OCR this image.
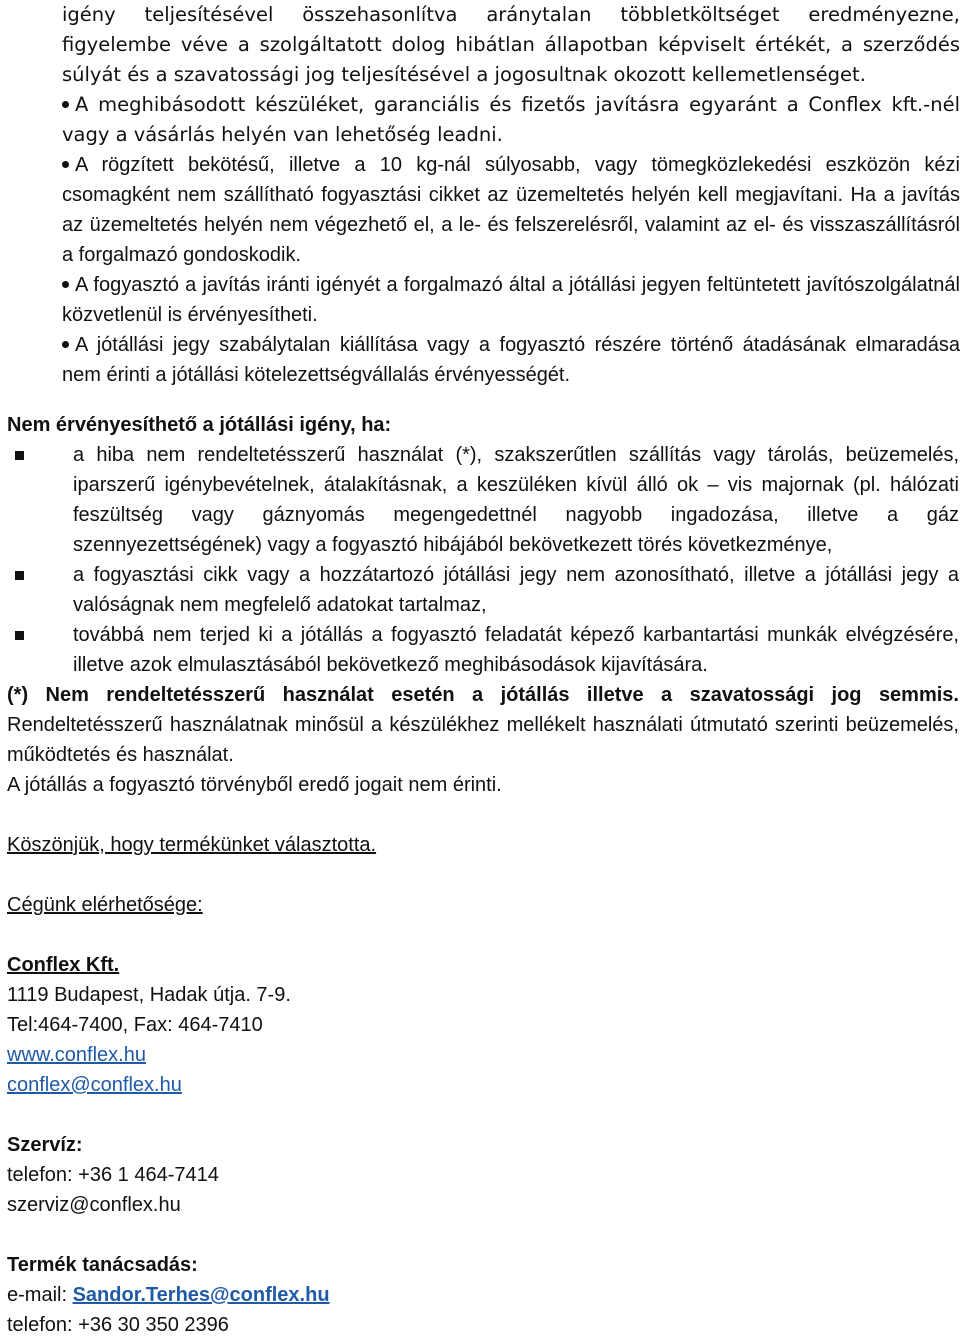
igény teljesítésével összehasonlítva aránytalan többletköltséget eredményezne, figyelembe véve a szolgáltatott dolog hibátlan állapotban képviselt értékét, a szerződés súlyát és a szavatossági jog teljesítésével a jogosultnak okozott kellemetlenséget.

A meghibásodott készüléket, garanciális és fizetős javításra egyaránt a Conflex kft.-nél vagy a vásárlás helyén van lehetőség leadni.

A rögzített bekötésű, illetve a 10 kg-nál súlyosabb, vagy tömegközlekedési eszközön kézi csomagként nem szállítható fogyasztási cikket az üzemeltetés helyén kell megjavítani. Ha a javítás az üzemeltetés helyén nem végezhető el, a le- és felszerelésről, valamint az el- és visszaszállításról a forgalmazó gondoskodik.

A fogyasztó a javítás iránti igényét a forgalmazó által a jótállási jegyen feltüntetett javítószolgálatnál közvetlenül is érvényesítheti.

A jótállási jegy szabálytalan kiállítása vagy a fogyasztó részére történő átadásának elmaradása nem érinti a jótállási kötelezettségvállalás érvényességét.

Nem érvényesíthető a jótállási igény, ha:
a hiba nem rendeltetésszerű használat (*), szakszerűtlen szállítás vagy tárolás, beüzemelés, iparszerű igénybevételnek, átalakításnak, a keszüléken kívül álló ok – vis majornak (pl. hálózati feszültség vagy gáznyomás megengedettnél nagyobb ingadozása, illetve a gáz szennyezettségének) vagy a fogyasztó hibájából bekövetkezett törés következménye,
a fogyasztási cikk vagy a hozzátartozó jótállási jegy nem azonosítható, illetve a jótállási jegy a valóságnak nem megfelelő adatokat tartalmaz,
továbbá nem terjed ki a jótállás a fogyasztó feladatát képező karbantartási munkák elvégzésére, illetve azok elmulasztásából bekövetkező meghibásodások kijavítására.

(*) Nem rendeltetésszerű használat esetén a jótállás illetve a szavatossági jog semmis. Rendeltetésszerű használatnak minősül a készülékhez mellékelt használati útmutató szerinti beüzemelés, működtetés és használat.

A jótállás a fogyasztó törvényből eredő jogait nem érinti.

Köszönjük, hogy termékünket választotta.
Cégünk elérhetősége:
Conflex Kft.
1119 Budapest, Hadak útja. 7-9.
Tel:464-7400, Fax: 464-7410
www.conflex.hu
conflex@conflex.hu
Szervíz:
telefon: +36 1 464-7414
szerviz@conflex.hu
Termék tanácsadás:
e-mail: Sandor.Terhes@conflex.hu
telefon: +36 30 350 2396
